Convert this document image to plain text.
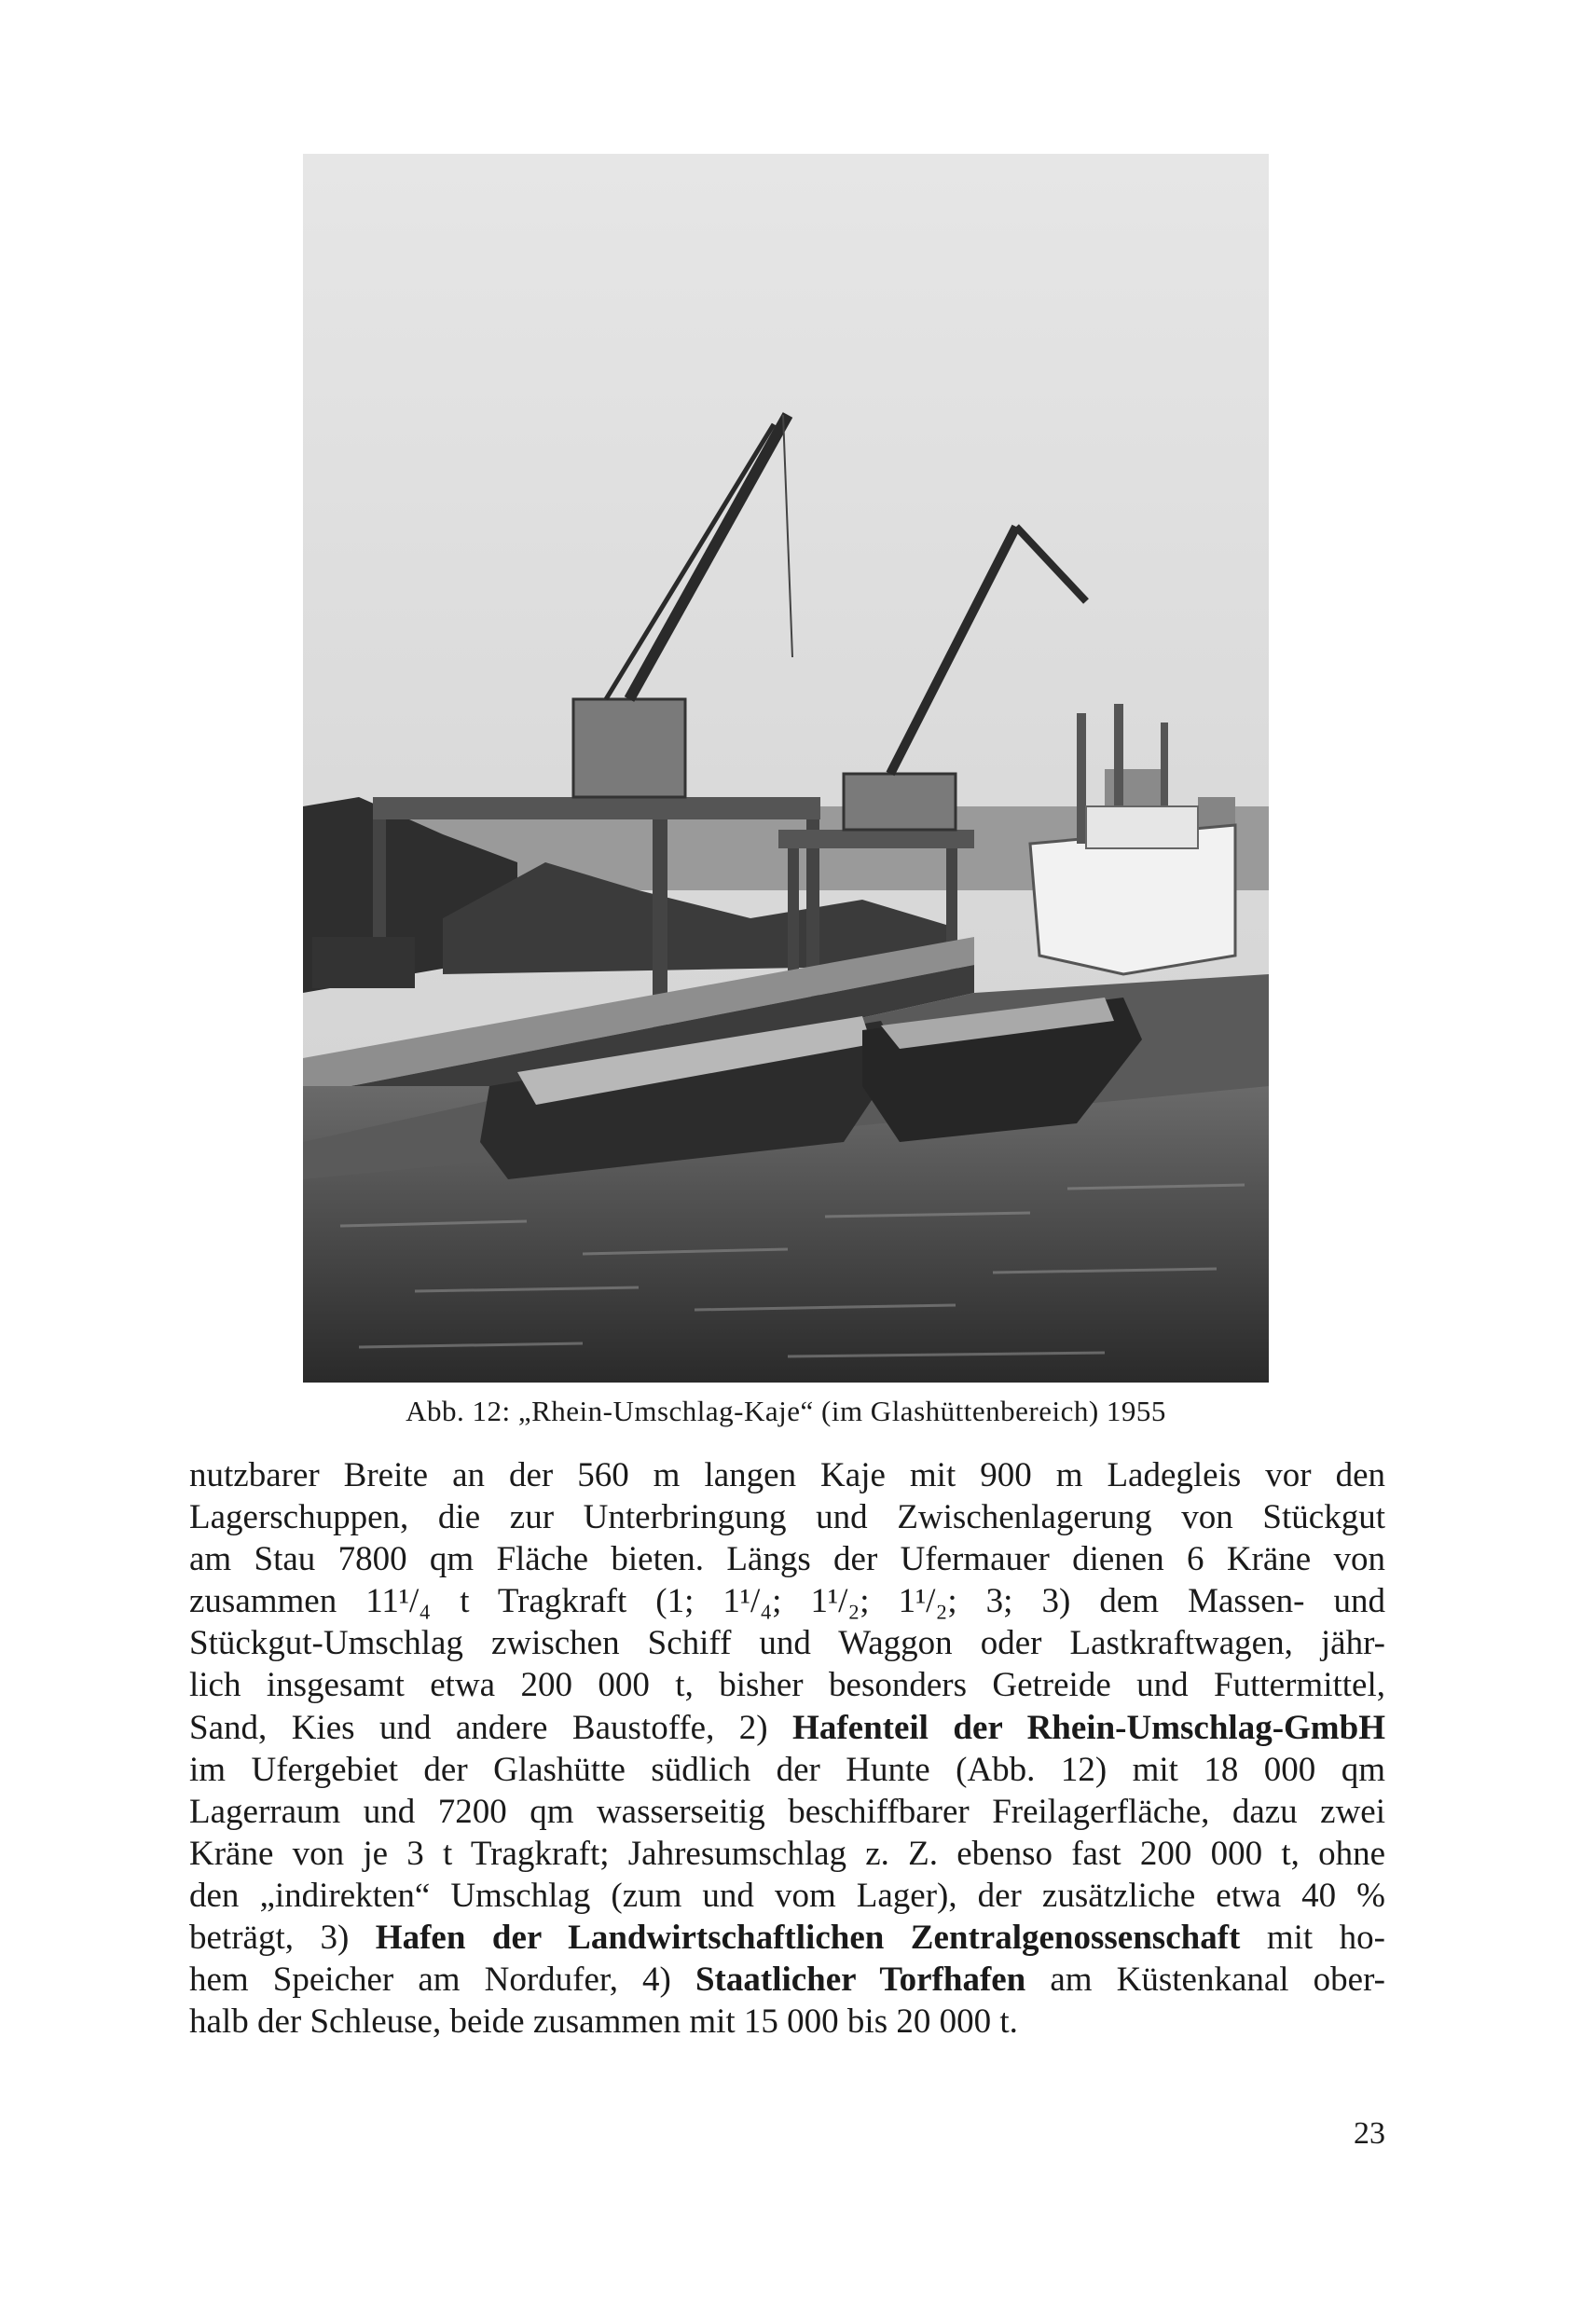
Abb. 12: „Rhein-Umschlag-Kaje“ (im Glashüttenbereich) 1955
nutzbarer Breite an der 560 m langen Kaje mit 900 m Ladegleis vor den
Lagerschuppen, die zur Unterbringung und Zwischenlagerung von Stückgut
am Stau 7800 qm Fläche bieten. Längs der Ufermauer dienen 6 Kräne von
zusammen 11¹/₄ t Tragkraft (1; 1¹/₄; 1¹/₂; 1¹/₂; 3; 3) dem Massen- und
Stückgut-Umschlag zwischen Schiff und Waggon oder Lastkraftwagen, jähr-
lich insgesamt etwa 200 000 t, bisher besonders Getreide und Futtermittel,
Sand, Kies und andere Baustoffe, 2) Hafenteil der Rhein-Umschlag-GmbH
im Ufergebiet der Glashütte südlich der Hunte (Abb. 12) mit 18 000 qm
Lagerraum und 7200 qm wasserseitig beschiffbarer Freilagerfläche, dazu zwei
Kräne von je 3 t Tragkraft; Jahresumschlag z. Z. ebenso fast 200 000 t, ohne
den „indirekten“ Umschlag (zum und vom Lager), der zusätzliche etwa 40 %
beträgt, 3) Hafen der Landwirtschaftlichen Zentralgenossenschaft mit ho-
hem Speicher am Nordufer, 4) Staatlicher Torfhafen am Küstenkanal ober-
halb der Schleuse, beide zusammen mit 15 000 bis 20 000 t.
23
